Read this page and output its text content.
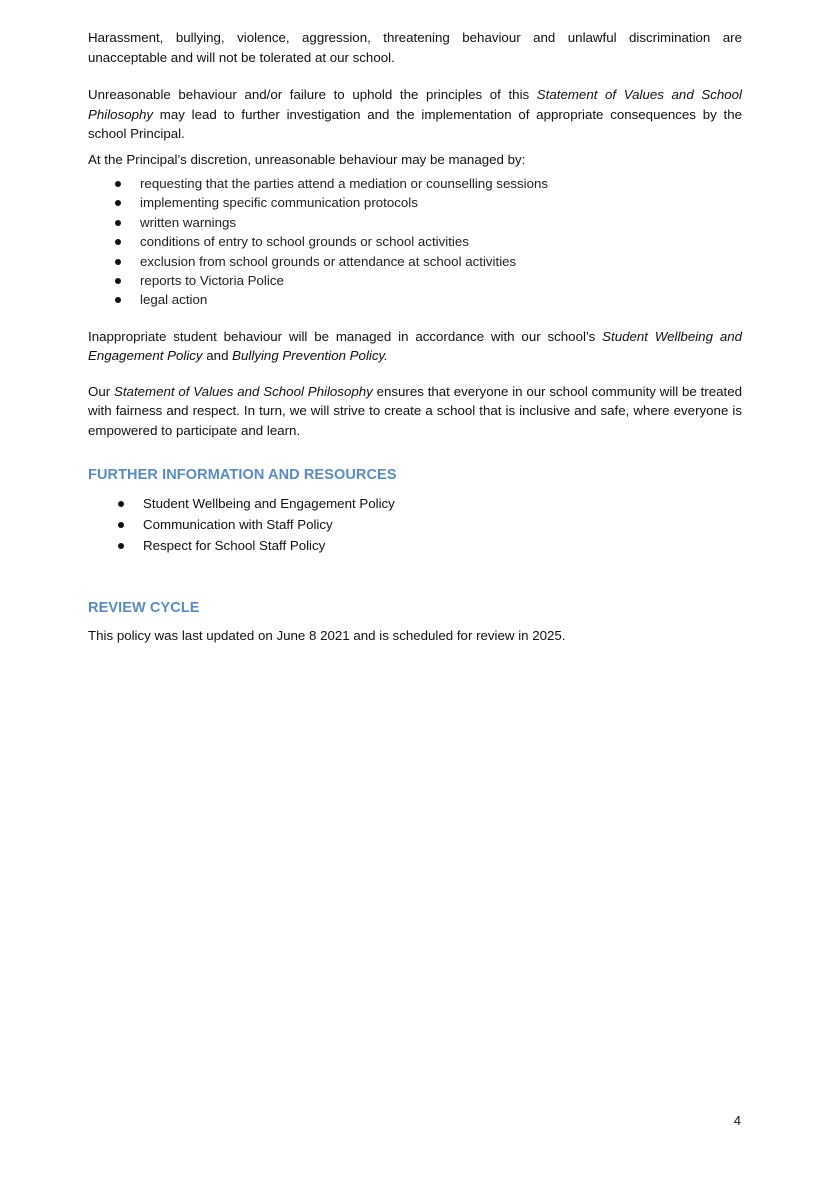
Harassment, bullying, violence, aggression, threatening behaviour and unlawful discrimination are unacceptable and will not be tolerated at our school.

Unreasonable behaviour and/or failure to uphold the principles of this Statement of Values and School Philosophy may lead to further investigation and the implementation of appropriate consequences by the school Principal.

At the Principal’s discretion, unreasonable behaviour may be managed by:

requesting that the parties attend a mediation or counselling sessions
implementing specific communication protocols
written warnings
conditions of entry to school grounds or school activities
exclusion from school grounds or attendance at school activities
reports to Victoria Police
legal action

Inappropriate student behaviour will be managed in accordance with our school’s Student Wellbeing and Engagement Policy and Bullying Prevention Policy.

Our Statement of Values and School Philosophy ensures that everyone in our school community will be treated with fairness and respect. In turn, we will strive to create a school that is inclusive and safe, where everyone is empowered to participate and learn.

FURTHER INFORMATION AND RESOURCES
Student Wellbeing and Engagement Policy
Communication with Staff Policy
Respect for School Staff Policy
REVIEW CYCLE

This policy was last updated on June 8 2021 and is scheduled for review in 2025.

4
